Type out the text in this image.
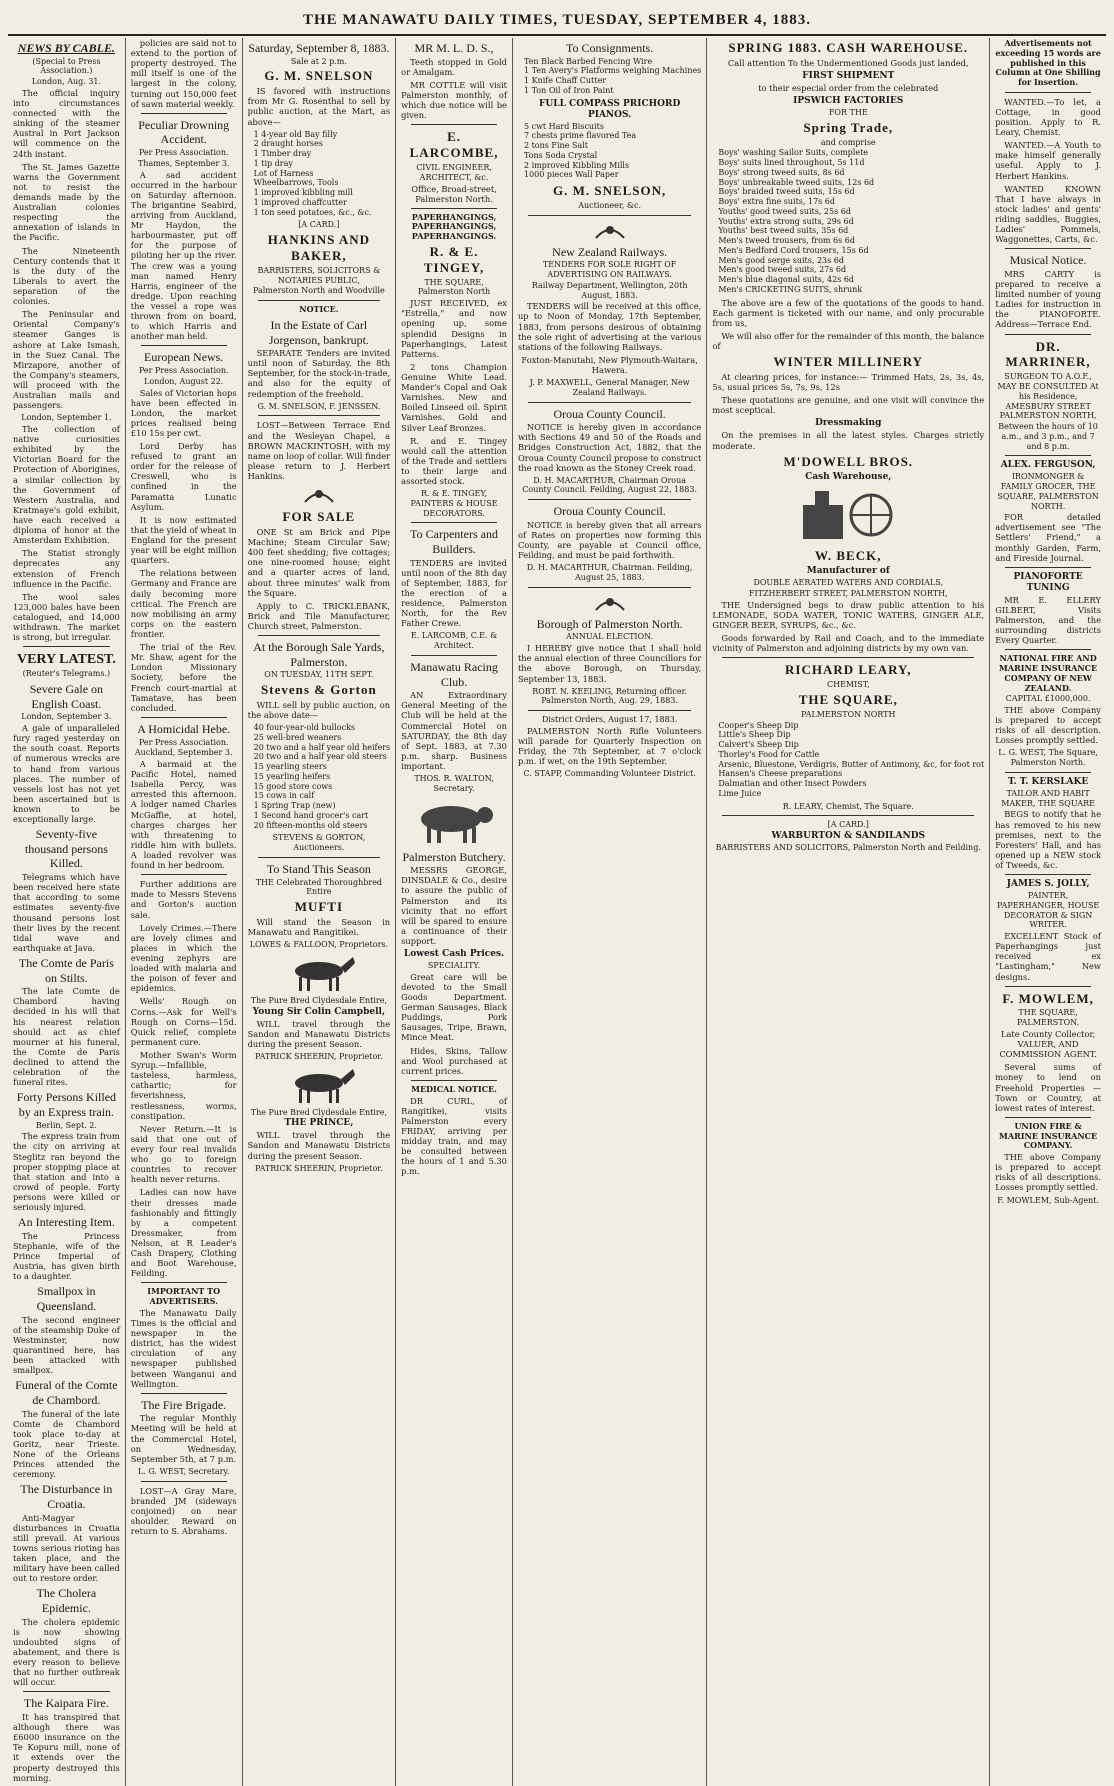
THE MANAWATU DAILY TIMES, TUESDAY, SEPTEMBER 4, 1883.
NEWS BY CABLE.
(Special to Press Association.)
London, Aug. 31.

The official inquiry into circumstances connected with the sinking of the steamer Austral in Port Jackson will commence on the 24th instant.

The St. James Gazette warns the Government not to resist the demands made by the Australian colonies respecting the annexation of islands in the Pacific.

The Nineteenth Century contends that it is the duty of the Liberals to avert the separation of the colonies.

The Peninsular and Oriental Company's steamer Ganges is ashore at Lake Ismash, in the Suez Canal. The Mirzapore, another of the Company's steamers, will proceed with the Australian mails and passengers.

London, September 1.

The collection of native curiosities exhibited by the Victorian Board for the Protection of Aborigines, a similar collection by the Government of Western Australia, and Kratmaye's gold exhibit, have each received a diploma of honor at the Amsterdam Exhibition.

The Statist strongly deprecates any extension of French influence in the Pacific.

The wool sales 123,000 bales have been catalogued, and 14,000 withdrawn. The market is strong, but irregular.

VERY LATEST.
(Reuter's Telegrams.)
Severe Gale on English Coast.
London, September 3.

A gale of unparalleled fury raged yesterday on the south coast. Reports of numerous wrecks are to hand from various places. The number of vessels lost has not yet been ascertained but is known to be exceptionally large.

Seventy-five thousand persons Killed.

Telegrams which have been received here state that according to some estimates seventy-five thousand persons lost their lives by the recent tidal wave and earthquake at Java.

The Comte de Paris on Stilts.

The late Comte de Chambord having decided in his will that his nearest relation should act as chief mourner at his funeral, the Comte de Paris declined to attend the celebration of the funeral rites.

Forty Persons Killed by an Express train.
Berlin, Sept. 2.

The express train from the city on arriving at Steglitz ran beyond the proper stopping place at that station and into a crowd of people. Forty persons were killed or seriously injured.

An Interesting Item.

The Princess Stephanie, wife of the Prince Imperial of Austria, has given birth to a daughter.

Smallpox in Queensland.

The second engineer of the steamship Duke of Westminster, now quarantined here, has been attacked with smallpox.

Funeral of the Comte de Chambord.

The funeral of the late Comte de Chambord took place to-day at Goritz, near Trieste. None of the Orleans Princes attended the ceremony.

The Disturbance in Croatia.

Anti-Magyar disturbances in Croatia still prevail. At various towns serious rioting has taken place, and the military have been called out to restore order.

The Cholera Epidemic.

The cholera epidemic is now showing undoubted signs of abatement, and there is every reason to believe that no further outbreak will occur.

The Kaipara Fire.

It has transpired that although there was £6000 insurance on the Te Kopuru mill, none of it extends over the property destroyed this morning.

policies are said not to extend to the portion of property destroyed. The mill itself is one of the largest in the colony, turning out 150,000 feet of sawn material weekly.

Peculiar Drowning Accident.
Per Press Association.
Thames, September 3.

A sad accident occurred in the harbour on Saturday afternoon. The brigantine Seabird, arriving from Auckland, Mr Haydon, the harbourmaster, put off for the purpose of piloting her up the river. The crew was a young man named Henry Harris, engineer of the dredge. Upon reaching the vessel a rope was thrown from on board, to which Harris and another man held.

European News.
Per Press Association.
London, August 22.

Sales of Victorian hops have been effected in London, the market prices realised being £10 15s per cwt.

Lord Derby has refused to grant an order for the release of Creswell, who is confined in the Paramatta Lunatic Asylum.

It is now estimated that the yield of wheat in England for the present year will be eight million quarters.

The relations between Germany and France are daily becoming more critical. The French are now mobilising an army corps on the eastern frontier.

The trial of the Rev. Mr. Shaw, agent for the London Missionary Society, before the French court-martial at Tamatave, has been concluded.

A Homicidal Hebe.
Per Press Association.
Auckland, September 3.

A barmaid at the Pacific Hotel, named Isabella Percy, was arrested this afternoon. A lodger named Charles McGaffie, at hotel, charges charges her with threatening to riddle him with bullets. A loaded revolver was found in her bedroom.

Further additions are made to Messrs Stevens and Gorton's auction sale.

Lovely Crimes.—There are lovely climes and places in which the evening zephyrs are loaded with malaria and the poison of fever and epidemics.

Wells' Rough on Corns.—Ask for Well's Rough on Corns—15d. Quick relief, complete permanent cure.

Mother Swan's Worm Syrup.—Infallible, tasteless, harmless, cathartic; for feverishness, restlessness, worms, constipation.

Never Return.—It is said that one out of every four real invalids who go to foreign countries to recover health never returns.

Ladies can now have their dresses made fashionably and fittingly by a competent Dressmaker, from Nelson, at R Leader's Cash Drapery, Clothing and Boot Warehouse, Feilding.

IMPORTANT TO ADVERTISERS.

The Manawatu Daily Times is the official and newspaper in the district, has the widest circulation of any newspaper published between Wanganui and Wellington.

The Fire Brigade.

The regular Monthly Meeting will be held at the Commercial Hotel, on Wednesday, September 5th, at 7 p.m.

L. G. WEST, Secretary.

LOST—A Gray Mare, branded JM (sideways conjoined) on near shoulder. Reward on return to S. Abrahams.

Saturday, September 8, 1883.
Sale at 2 p.m.
G. M. SNELSON

IS favored with instructions from Mr G. Rosenthal to sell by public auction, at the Mart, as above—

1 4-year old Bay filly
2 draught horses
1 Timber dray
1 tip dray
Lot of Harness
Wheelbarrows, Tools
1 improved kibbling mill
1 improved chaffcutter
1 ton seed potatoes, &c., &c.
[A CARD.]
HANKINS AND BAKER,
BARRISTERS, SOLICITORS & NOTARIES PUBLIC,
Palmerston North and Woodville
NOTICE.
In the Estate of Carl Jorgenson, bankrupt.

SEPARATE Tenders are invited until noon of Saturday, the 8th September, for the stock-in-trade, and also for the equity of redemption of the freehold.

G. M. SNELSON, F. JENSSEN.

LOST—Between Terrace End and the Wesleyan Chapel, a BROWN MACKINTOSH, with my name on loop of collar. Will finder please return to J. Herbert Hankins.

FOR SALE

ONE St am Brick and Pipe Machine; Steam Circular Saw; 400 feet shedding; five cottages; one nine-roomed house; eight and a quarter acres of land, about three minutes' walk from the Square.

Apply to C. TRICKLEBANK, Brick and Tile Manufacturer, Church street, Palmerston.

At the Borough Sale Yards, Palmerston.
ON TUESDAY, 11TH SEPT.
Stevens & Gorton

WILL sell by public auction, on the above date—

40 four-year-old bullocks
25 well-bred weaners
20 two and a half year old heifers
20 two and a half year old steers
15 yearling steers
15 yearling heifers
15 good store cows
15 cows in calf
1 Spring Trap (new)
1 Second hand grocer's cart
20 fifteen-months old steers
STEVENS & GORTON, Auctioneers.
To Stand This Season
THE Celebrated Thoroughbred Entire
MUFTI

Will stand the Season in Manawatu and Rangitikei.

LOWES & FALLOON, Proprietors.
The Pure Bred Clydesdale Entire,
Young Sir Colin Campbell,

WILL travel through the Sandon and Manawatu Districts during the present Season.

PATRICK SHEERIN, Proprietor.
The Pure Bred Clydesdale Entire,
THE PRINCE,

WILL travel through the Sandon and Manawatu Districts during the present Season.

PATRICK SHEERIN, Proprietor.
MR M. L. D. S.,

Teeth stopped in Gold or Amalgam.

MR COTTLE will visit Palmerston monthly, of which due notice will be given.

E. LARCOMBE,
CIVIL ENGINEER, ARCHITECT, &c.

Office, Broad-street, Palmerston North.

PAPERHANGINGS, PAPERHANGINGS, PAPERHANGINGS.
R. & E. TINGEY,
THE SQUARE, Palmerston North

JUST RECEIVED, ex "Estrella," and now opening up, some splendid Designs in Paperhangings, Latest Patterns.

2 tons Champion Genuine White Lead. Mander's Copal and Oak Varnishes. New and Boiled Linseed oil. Spirit Varnishes. Gold and Silver Leaf Bronzes.

R. and E. Tingey would call the attention of the Trade and settlers to their large and assorted stock.

R. & E. TINGEY, PAINTERS & HOUSE DECORATORS.
To Carpenters and Builders.

TENDERS are invited until noon of the 8th day of September, 1883, for the erection of a residence, Palmerston North, for the Rev Father Crewe.

E. LARCOMB, C.E. & Architect.
Manawatu Racing Club.

AN Extraordinary General Meeting of the Club will be held at the Commercial Hotel on SATURDAY, the 8th day of Sept. 1883, at 7.30 p.m. sharp. Business important.

THOS. R. WALTON, Secretary.
Palmerston Butchery.

MESSRS GEORGE, DINSDALE & Co., desire to assure the public of Palmerston and its vicinity that no effort will be spared to ensure a continuance of their support.

Lowest Cash Prices.
SPECIALITY.

Great care will be devoted to the Small Goods Department. German Sausages, Black Puddings, Pork Sausages, Tripe, Brawn, Mince Meat.

Hides, Skins, Tallow and Wool purchased at current prices.

MEDICAL NOTICE.

DR CURL, of Rangitikei, visits Palmerston every FRIDAY, arriving per midday train, and may be consulted between the hours of 1 and 5.30 p.m.

To Consignments.
Ten Black Barbed Fencing Wire
1 Ten Avery's Platforms weighing Machines
1 Knife Chaff Cutter
1 Ton Oil of Iron Paint
FULL COMPASS PRICHORD PIANOS.
5 cwt Hard Biscuits
7 chests prime flavored Tea
2 tons Fine Salt
Tons Soda Crystal
2 improved Kibbling Mills
1000 pieces Wall Paper
G. M. SNELSON,
Auctioneer, &c.
New Zealand Railways.
TENDERS FOR SOLE RIGHT OF ADVERTISING ON RAILWAYS.
Railway Department, Wellington, 20th August, 1883.

TENDERS will be received at this office, up to Noon of Monday, 17th September, 1883, from persons desirous of obtaining the sole right of advertising at the various stations of the following Railways.

Foxton-Manutahi, New Plymouth-Waitara, Hawera.

J. P. MAXWELL, General Manager, New Zealand Railways.
Oroua County Council.

NOTICE is hereby given in accordance with Sections 49 and 50 of the Roads and Bridges Construction Act, 1882, that the Oroua County Council propose to construct the road known as the Stoney Creek road.

D. H. MACARTHUR, Chairman Oroua County Council. Feilding, August 22, 1883.
Oroua County Council.

NOTICE is hereby given that all arrears of Rates on properties now forming this County, are payable at Council office, Feilding, and must be paid forthwith.

D. H. MACARTHUR, Chairman. Feilding, August 25, 1883.
Borough of Palmerston North.
ANNUAL ELECTION.

I HEREBY give notice that I shall hold the annual election of three Councillors for the above Borough, on Thursday, September 13, 1883.

ROBT. N. KEELING, Returning officer. Palmerston North, Aug. 29, 1883.
District Orders, August 17, 1883.

PALMERSTON North Rifle Volunteers will parade for Quarterly Inspection on Friday, the 7th September, at 7 o'clock p.m. if wet, on the 19th September.

C. STAPP, Commanding Volunteer District.
SPRING 1883. CASH WAREHOUSE.

Call attention To the Undermentioned Goods just landed,

FIRST SHIPMENT

to their especial order from the celebrated

IPSWICH FACTORIES
FOR THE
Spring Trade,
and comprise
Boys' washing Sailor Suits, complete
Boys' suits lined throughout, 5s 11d
Boys' strong tweed suits, 8s 6d
Boys' unbreakable tweed suits, 12s 6d
Boys' braided tweed suits, 15s 6d
Boys' extra fine suits, 17s 6d
Youths' good tweed suits, 25s 6d
Youths' extra strong suits, 29s 6d
Youths' best tweed suits, 35s 6d
Men's tweed trousers, from 6s 6d
Men's Bedford Cord trousers, 15s 6d
Men's good serge suits, 23s 6d
Men's good tweed suits, 27s 6d
Men's blue diagonal suits, 42s 6d
Men's CRICKETING SUITS, shrunk

The above are a few of the quotations of the goods to hand. Each garment is ticketed with our name, and only procurable from us,

We will also offer for the remainder of this month, the balance of

WINTER MILLINERY

At clearing prices, for instance:— Trimmed Hats, 2s, 3s, 4s, 5s, usual prices 5s, 7s, 9s, 12s

These quotations are genuine, and one visit will convince the most sceptical.

Dressmaking

On the premises in all the latest styles. Charges strictly moderate.

M'DOWELL BROS.
Cash Warehouse,
W. BECK,
Manufacturer of
DOUBLE AERATED WATERS AND CORDIALS,
FITZHERBERT STREET, PALMERSTON NORTH,

THE Undersigned begs to draw public attention to his LEMONADE, SODA WATER, TONIC WATERS, GINGER ALE, GINGER BEER, SYRUPS, &c., &c.

Goods forwarded by Rail and Coach, and to the immediate vicinity of Palmerston and adjoining districts by my own van.

RICHARD LEARY,
CHEMIST,
THE SQUARE,
PALMERSTON NORTH
Cooper's Sheep Dip
Little's Sheep Dip
Calvert's Sheep Dip
Thorley's Food for Cattle
Arsenic, Bluestone, Verdigris, Butter of Antimony, &c, for foot rot
Hansen's Cheese preparations
Dalmatian and other Insect Powders
Lime Juice
R. LEARY, Chemist, The Square.
[A CARD.]
WARBURTON & SANDILANDS
BARRISTERS AND SOLICITORS, Palmerston North and Feilding.
Advertisements not exceeding 15 words are published in this Column at One Shilling for Insertion.

WANTED.—To let, a Cottage, in good position. Apply to R. Leary, Chemist.

WANTED.—A Youth to make himself generally useful. Apply to J. Herbert Hankins.

WANTED KNOWN That I have always in stock ladies' and gents' riding saddles, Buggies, Ladies' Pommels, Waggonettes, Carts, &c.

Musical Notice.

MRS CARTY is prepared to receive a limited number of young Ladies for instruction in the PIANOFORTE. Address—Terrace End.

DR. MARRINER,
SURGEON TO A.O.F., MAY BE CONSULTED At his Residence, AMESBURY STREET PALMERSTON NORTH,
Between the hours of 10 a.m., and 3 p.m., and 7 and 8 p.m.
ALEX. FERGUSON,
IRONMONGER & FAMILY GROCER, THE SQUARE, PALMERSTON NORTH.

FOR detailed advertisement see "The Settlers' Friend," a monthly Garden, Farm, and Fireside Journal.

PIANOFORTE TUNING

MR E. ELLERY GILBERT, Visits Palmerston, and the surrounding districts Every Quarter.

NATIONAL FIRE AND MARINE INSURANCE COMPANY OF NEW ZEALAND.
CAPITAL £1000,000.

THE above Company is prepared to accept risks of all description. Losses promptly settled.

L. G. WEST, The Square, Palmerston North.
T. T. KERSLAKE
TAILOR AND HABIT MAKER, THE SQUARE

BEGS to notify that he has removed to his new premises, next to the Foresters' Hall, and has opened up a NEW stock of Tweeds, &c.

JAMES S. JOLLY,
PAINTER, PAPERHANGER, HOUSE DECORATOR & SIGN WRITER.

EXCELLENT Stock of Paperhangings just received ex "Lastingham," New designs.

F. MOWLEM,
THE SQUARE, PALMERSTON.

Late County Collector, VALUER, AND COMMISSION AGENT.

Several sums of money to lend on Freehold Properties — Town or Country, at lowest rates of interest.

UNION FIRE & MARINE INSURANCE COMPANY.

THE above Company is prepared to accept risks of all descriptions. Losses promptly settled.

F. MOWLEM, Sub-Agent.
